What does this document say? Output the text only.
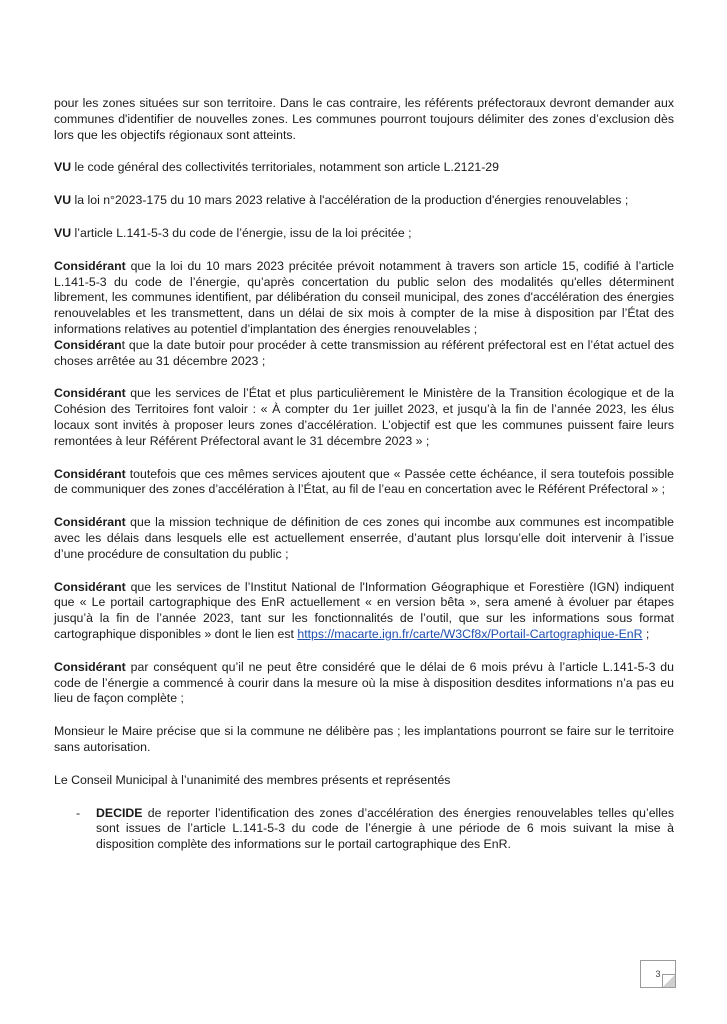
pour les zones situées sur son territoire. Dans le cas contraire, les référents préfectoraux devront demander aux communes d'identifier de nouvelles zones. Les communes pourront toujours délimiter des zones d’exclusion dès lors que les objectifs régionaux sont atteints.

VU le code général des collectivités territoriales, notamment son article L.2121-29

VU la loi n°2023-175 du 10 mars 2023 relative à l'accélération de la production d'énergies renouvelables ;

VU l’article L.141-5-3 du code de l’énergie, issu de la loi précitée ;

Considérant que la loi du 10 mars 2023 précitée prévoit notamment à travers son article 15, codifié à l’article L.141-5-3 du code de l’énergie, qu’après concertation du public selon des modalités qu'elles déterminent librement, les communes identifient, par délibération du conseil municipal, des zones d'accélération des énergies renouvelables et les transmettent, dans un délai de six mois à compter de la mise à disposition par l’État des informations relatives au potentiel d’implantation des énergies renouvelables ;

Considérant que la date butoir pour procéder à cette transmission au référent préfectoral est en l’état actuel des choses arrêtée au 31 décembre 2023 ;

Considérant que les services de l’État et plus particulièrement le Ministère de la Transition écologique et de la Cohésion des Territoires font valoir : « À compter du 1er juillet 2023, et jusqu’à la fin de l’année 2023, les élus locaux sont invités à proposer leurs zones d’accélération. L’objectif est que les communes puissent faire leurs remontées à leur Référent Préfectoral avant le 31 décembre 2023 » ;

Considérant toutefois que ces mêmes services ajoutent que « Passée cette échéance, il sera toutefois possible de communiquer des zones d’accélération à l’État, au fil de l’eau en concertation avec le Référent Préfectoral » ;

Considérant que la mission technique de définition de ces zones qui incombe aux communes est incompatible avec les délais dans lesquels elle est actuellement enserrée, d’autant plus lorsqu’elle doit intervenir à l’issue d’une procédure de consultation du public ;

Considérant que les services de l’Institut National de l'Information Géographique et Forestière (IGN) indiquent que « Le portail cartographique des EnR actuellement « en version bêta », sera amené à évoluer par étapes jusqu’à la fin de l’année 2023, tant sur les fonctionnalités de l’outil, que sur les informations sous format cartographique disponibles » dont le lien est https://macarte.ign.fr/carte/W3Cf8x/Portail-Cartographique-EnR ;

Considérant par conséquent qu’il ne peut être considéré que le délai de 6 mois prévu à l’article L.141-5-3 du code de l’énergie a commencé à courir dans la mesure où la mise à disposition desdites informations n’a pas eu lieu de façon complète ;

Monsieur le Maire précise que si la commune ne délibère pas ; les implantations pourront se faire sur le territoire sans autorisation.

Le Conseil Municipal à l’unanimité des membres présents et représentés

- DECIDE de reporter l’identification des zones d’accélération des énergies renouvelables telles qu’elles sont issues de l’article L.141-5-3 du code de l’énergie à une période de 6 mois suivant la mise à disposition complète des informations sur le portail cartographique des EnR.
3
